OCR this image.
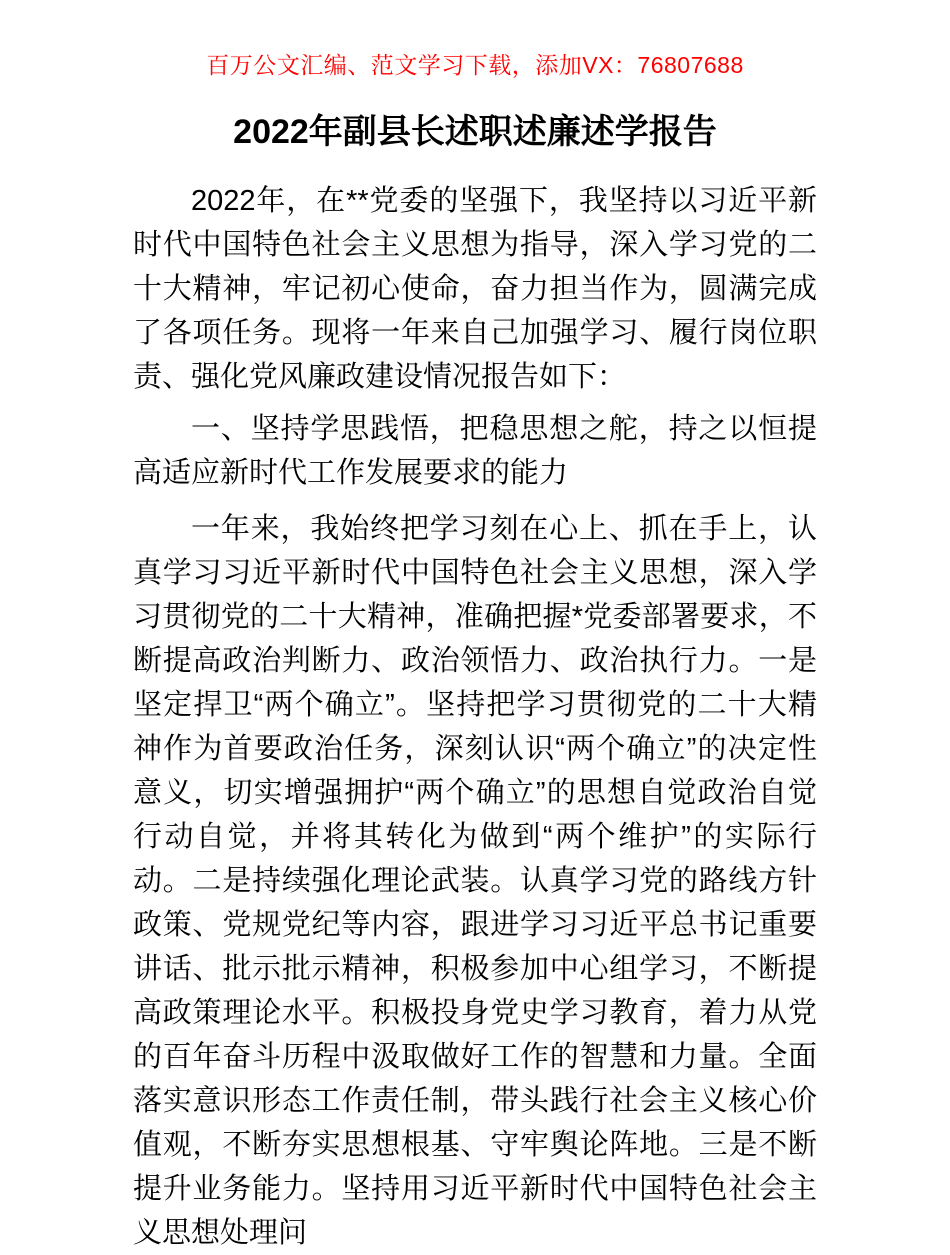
百万公文汇编、范文学习下载，添加VX：76807688
2022年副县长述职述廉述学报告

2022年，在**党委的坚强下，我坚持以习近平新时代中国特色社会主义思想为指导，深入学习党的二十大精神，牢记初心使命，奋力担当作为，圆满完成了各项任务。现将一年来自己加强学习、履行岗位职责、强化党风廉政建设情况报告如下：

一、坚持学思践悟，把稳思想之舵，持之以恒提高适应新时代工作发展要求的能力

一年来，我始终把学习刻在心上、抓在手上，认真学习习近平新时代中国特色社会主义思想，深入学习贯彻党的二十大精神，准确把握*党委部署要求，不断提高政治判断力、政治领悟力、政治执行力。一是坚定捍卫“两个确立”。坚持把学习贯彻党的二十大精神作为首要政治任务，深刻认识“两个确立”的决定性意义，切实增强拥护“两个确立”的思想自觉政治自觉行动自觉，并将其转化为做到“两个维护”的实际行动。二是持续强化理论武装。认真学习党的路线方针政策、党规党纪等内容，跟进学习习近平总书记重要讲话、批示批示精神，积极参加中心组学习，不断提高政策理论水平。积极投身党史学习教育，着力从党的百年奋斗历程中汲取做好工作的智慧和力量。全面落实意识形态工作责任制，带头践行社会主义核心价值观，不断夯实思想根基、守牢舆论阵地。三是不断提升业务能力。坚持用习近平新时代中国特色社会主义思想处理问
